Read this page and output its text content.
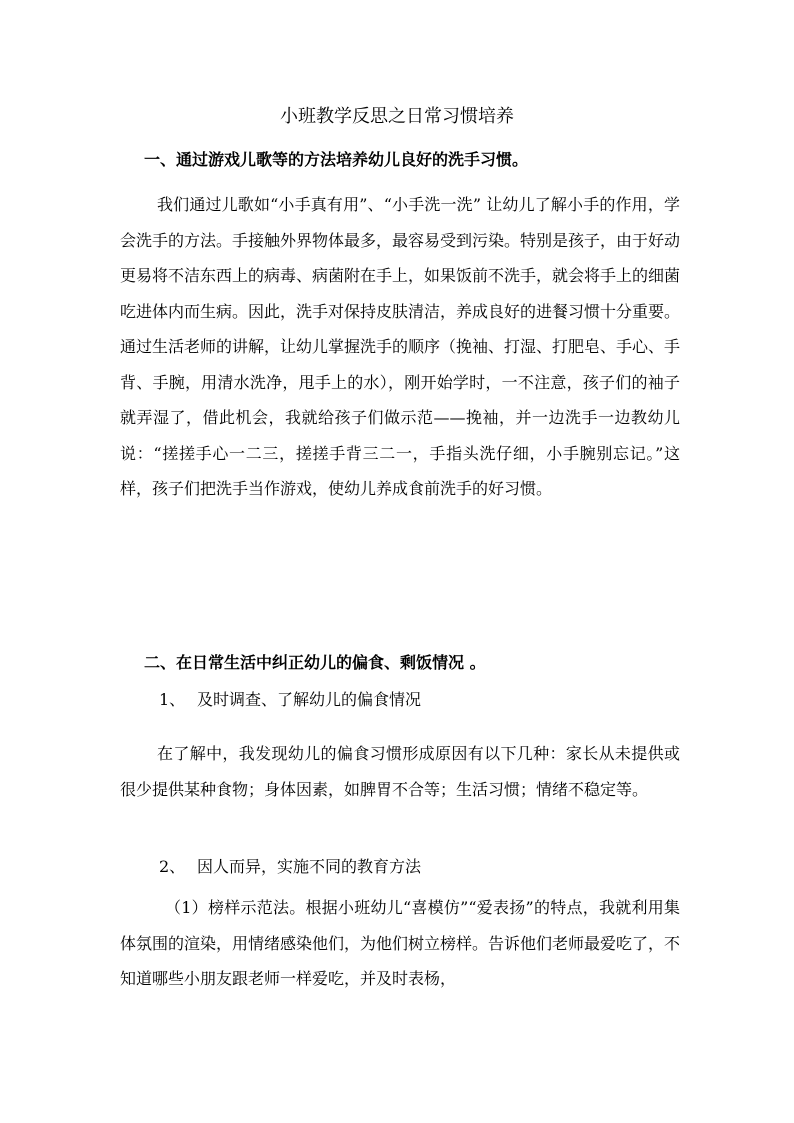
小班教学反思之日常习惯培养
一、通过游戏儿歌等的方法培养幼儿良好的洗手习惯。

我们通过儿歌如“小手真有用”、“小手洗一洗” 让幼儿了解小手的作用，学会洗手的方法。手接触外界物体最多，最容易受到污染。特别是孩子，由于好动更易将不洁东西上的病毒、病菌附在手上，如果饭前不洗手，就会将手上的细菌吃进体内而生病。因此，洗手对保持皮肤清洁，养成良好的进餐习惯十分重要。通过生活老师的讲解，让幼儿掌握洗手的顺序（挽袖、打湿、打肥皂、手心、手背、手腕，用清水洗净，甩手上的水），刚开始学时，一不注意，孩子们的袖子就弄湿了，借此机会，我就给孩子们做示范——挽袖，并一边洗手一边教幼儿说：“搓搓手心一二三，搓搓手背三二一，手指头洗仔细，小手腕别忘记。”这样，孩子们把洗手当作游戏，使幼儿养成食前洗手的好习惯。

二、在日常生活中纠正幼儿的偏食、剩饭情况 。
1、 及时调查、了解幼儿的偏食情况

在了解中，我发现幼儿的偏食习惯形成原因有以下几种：家长从未提供或很少提供某种食物；身体因素，如脾胃不合等；生活习惯；情绪不稳定等。

2、 因人而异，实施不同的教育方法

（1）榜样示范法。根据小班幼儿“喜模仿”“爱表扬”的特点，我就利用集体氛围的渲染，用情绪感染他们，为他们树立榜样。告诉他们老师最爱吃了，不知道哪些小朋友跟老师一样爱吃，并及时表杨，
